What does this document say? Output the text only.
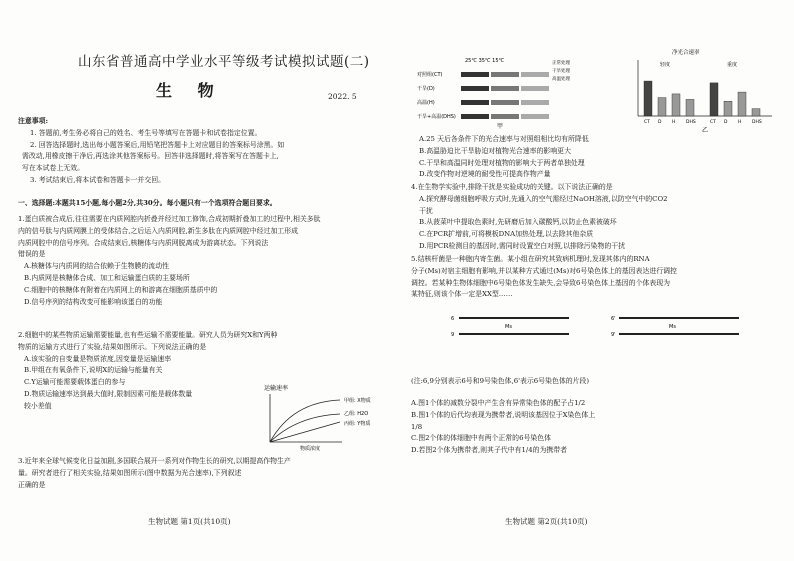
山东省普通高中学业水平等级考试模拟试题(二)
生 物	2022. 5

注意事项:

1. 答题前,考生务必将自己的姓名、考生号等填写在答题卡和试卷指定位置。

2. 回答选择题时,选出每小题答案后,用铅笔把答题卡上对应题目的答案标号涂黑。如

需改动,用橡皮擦干净后,再选涂其他答案标号。回答非选择题时,将答案写在答题卡上,

写在本试卷上无效。

3. 考试结束后,将本试卷和答题卡一并交回。

一、选择题:本题共15小题,每小题2分,共30分。每小题只有一个选项符合题目要求。

1.蛋白质被合成后,往往需要在内质网腔内折叠并经过加工修饰,合成初期折叠加工的过程中,相关多肽

内的信号肽与内质网膜上的受体结合,之后运入内质网腔,新生多肽在内质网腔中经过加工形成

内质网腔中的信号序列。合成结束后,核糖体与内质网脱离成为游离状态。下列说法

错误的是

A.核糖体与内质网的结合依赖于生物膜的流动性

B.内质网是核糖体合成、加工和运输蛋白质的主要场所

C.细胞中的核糖体有附着在内质网上的和游离在细胞质基质中的

D.信号序列的结构改变可能影响该蛋白的功能

2.细胞中的某些物质运输需要能量,也有些运输不需要能量。研究人员为研究X和Y两种

物质的运输方式进行了实验,结果如图所示。下列说法正确的是

A.该实验的自变量是物质浓度,因变量是运输速率

B.甲组在有氧条件下,说明X的运输与能量有关

C.Y运输可能需要载体蛋白的参与

D.物质运输速率达到最大值时,限制因素可能是载体数量

较小差值

运输速率
甲组: X物质
乙组: H2O
丙组: Y物质
物质浓度

3.近年来全球气候变化日益加剧,多国联合展开一系列对作物生长的研究,以期提高作物生产

量。研究者进行了相关实验,结果如图所示(图中数据为光合速率),下列叙述

正确的是

生物试题 第1页(共10页)
25℃ 35℃ 15℃
对照组(CT)
干旱(D)
高温(H)
干旱+高温(DHS)
正常处理
干旱处理
高温处理
甲
净光合速率
轻度	重度
CT D H DHS	CT D H DHS
乙

A.25 天后各条件下的光合速率与对照组相比均有所降低

B.高温胁迫比干旱胁迫对植物光合速率的影响更大

C.干旱和高温同时处理对植物的影响大于两者单独处理

D.改变作物对逆境的耐受性可提高作物产量

4.在生物学实验中,排除干扰是实验成功的关键。以下说法正确的是

A.探究酵母菌细胞呼吸方式时,先通入的空气需经过NaOH溶液,以防空气中的CO2

干扰

B.从菠菜叶中提取色素时,先研磨后加入碳酸钙,以防止色素被破坏

C.在PCR扩增前,可将模板DNA加热处理,以去除其他杂质

D.用PCR检测目的基因时,需同时设置空白对照,以排除污染物的干扰

5.结核杆菌是一种胞内寄生菌。某小组在研究其致病机理时,发现其体内的RNA

分子(Ms)对宿主细胞有影响,并以某种方式通过(Ms)对6号染色体上的基因表达进行调控

调控。若某种生物体细胞中6号染色体发生缺失,会导致6号染色体上基因的个体表现为

某特征,则该个体一定是XX型……

6
Ms
9
6'
Ms
9'

(注:6,9分别表示6号和9号染色体,6'表示6号染色体的片段)

A.图1个体的减数分裂中产生含有异常染色体的配子占1/2

B.图1个体的后代均表现为携带者,说明该基因位于X染色体上

1/8

C.图2个体的体细胞中有两个正常的6号染色体

D.若图2个体为携带者,则其子代中有1/4的为携带者

生物试题 第2页(共10页)
